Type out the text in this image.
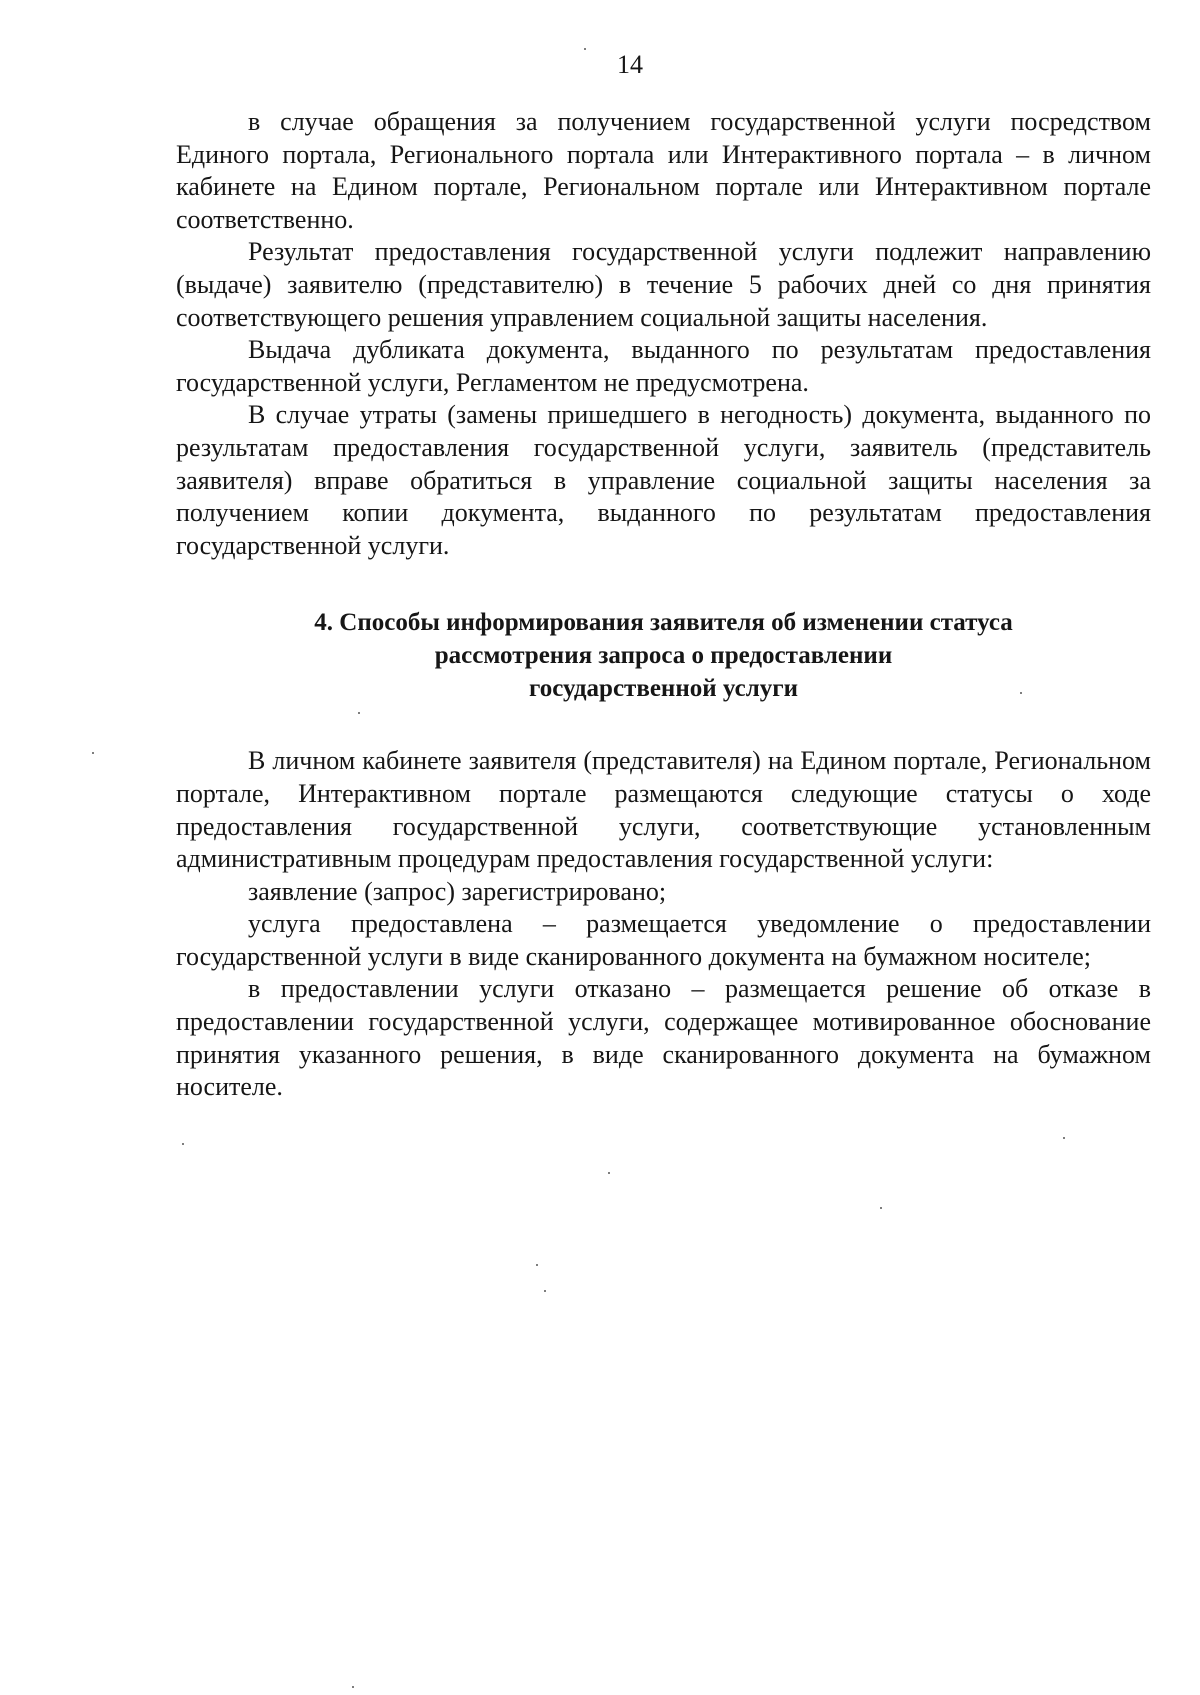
14

в случае обращения за получением государственной услуги посредством Единого портала, Регионального портала или Интерактивного портала – в личном кабинете на Едином портале, Региональном портале или Интерактивном портале соответственно.

Результат предоставления государственной услуги подлежит направлению (выдаче) заявителю (представителю) в течение 5 рабочих дней со дня принятия соответствующего решения управлением социальной защиты населения.

Выдача дубликата документа, выданного по результатам предоставления государственной услуги, Регламентом не предусмотрена.

В случае утраты (замены пришедшего в негодность) документа, выданного по результатам предоставления государственной услуги, заявитель (представитель заявителя) вправе обратиться в управление социальной защиты населения за получением копии документа, выданного по результатам предоставления государственной услуги.

4. Способы информирования заявителя об изменении статуса
рассмотрения запроса о предоставлении
государственной услуги

В личном кабинете заявителя (представителя) на Едином портале, Региональном портале, Интерактивном портале размещаются следующие статусы о ходе предоставления государственной услуги, соответствующие установленным административным процедурам предоставления государственной услуги:

заявление (запрос) зарегистрировано;

услуга предоставлена – размещается уведомление о предоставлении государственной услуги в виде сканированного документа на бумажном носителе;

в предоставлении услуги отказано – размещается решение об отказе в предоставлении государственной услуги, содержащее мотивированное обоснование принятия указанного решения, в виде сканированного документа на бумажном носителе.
